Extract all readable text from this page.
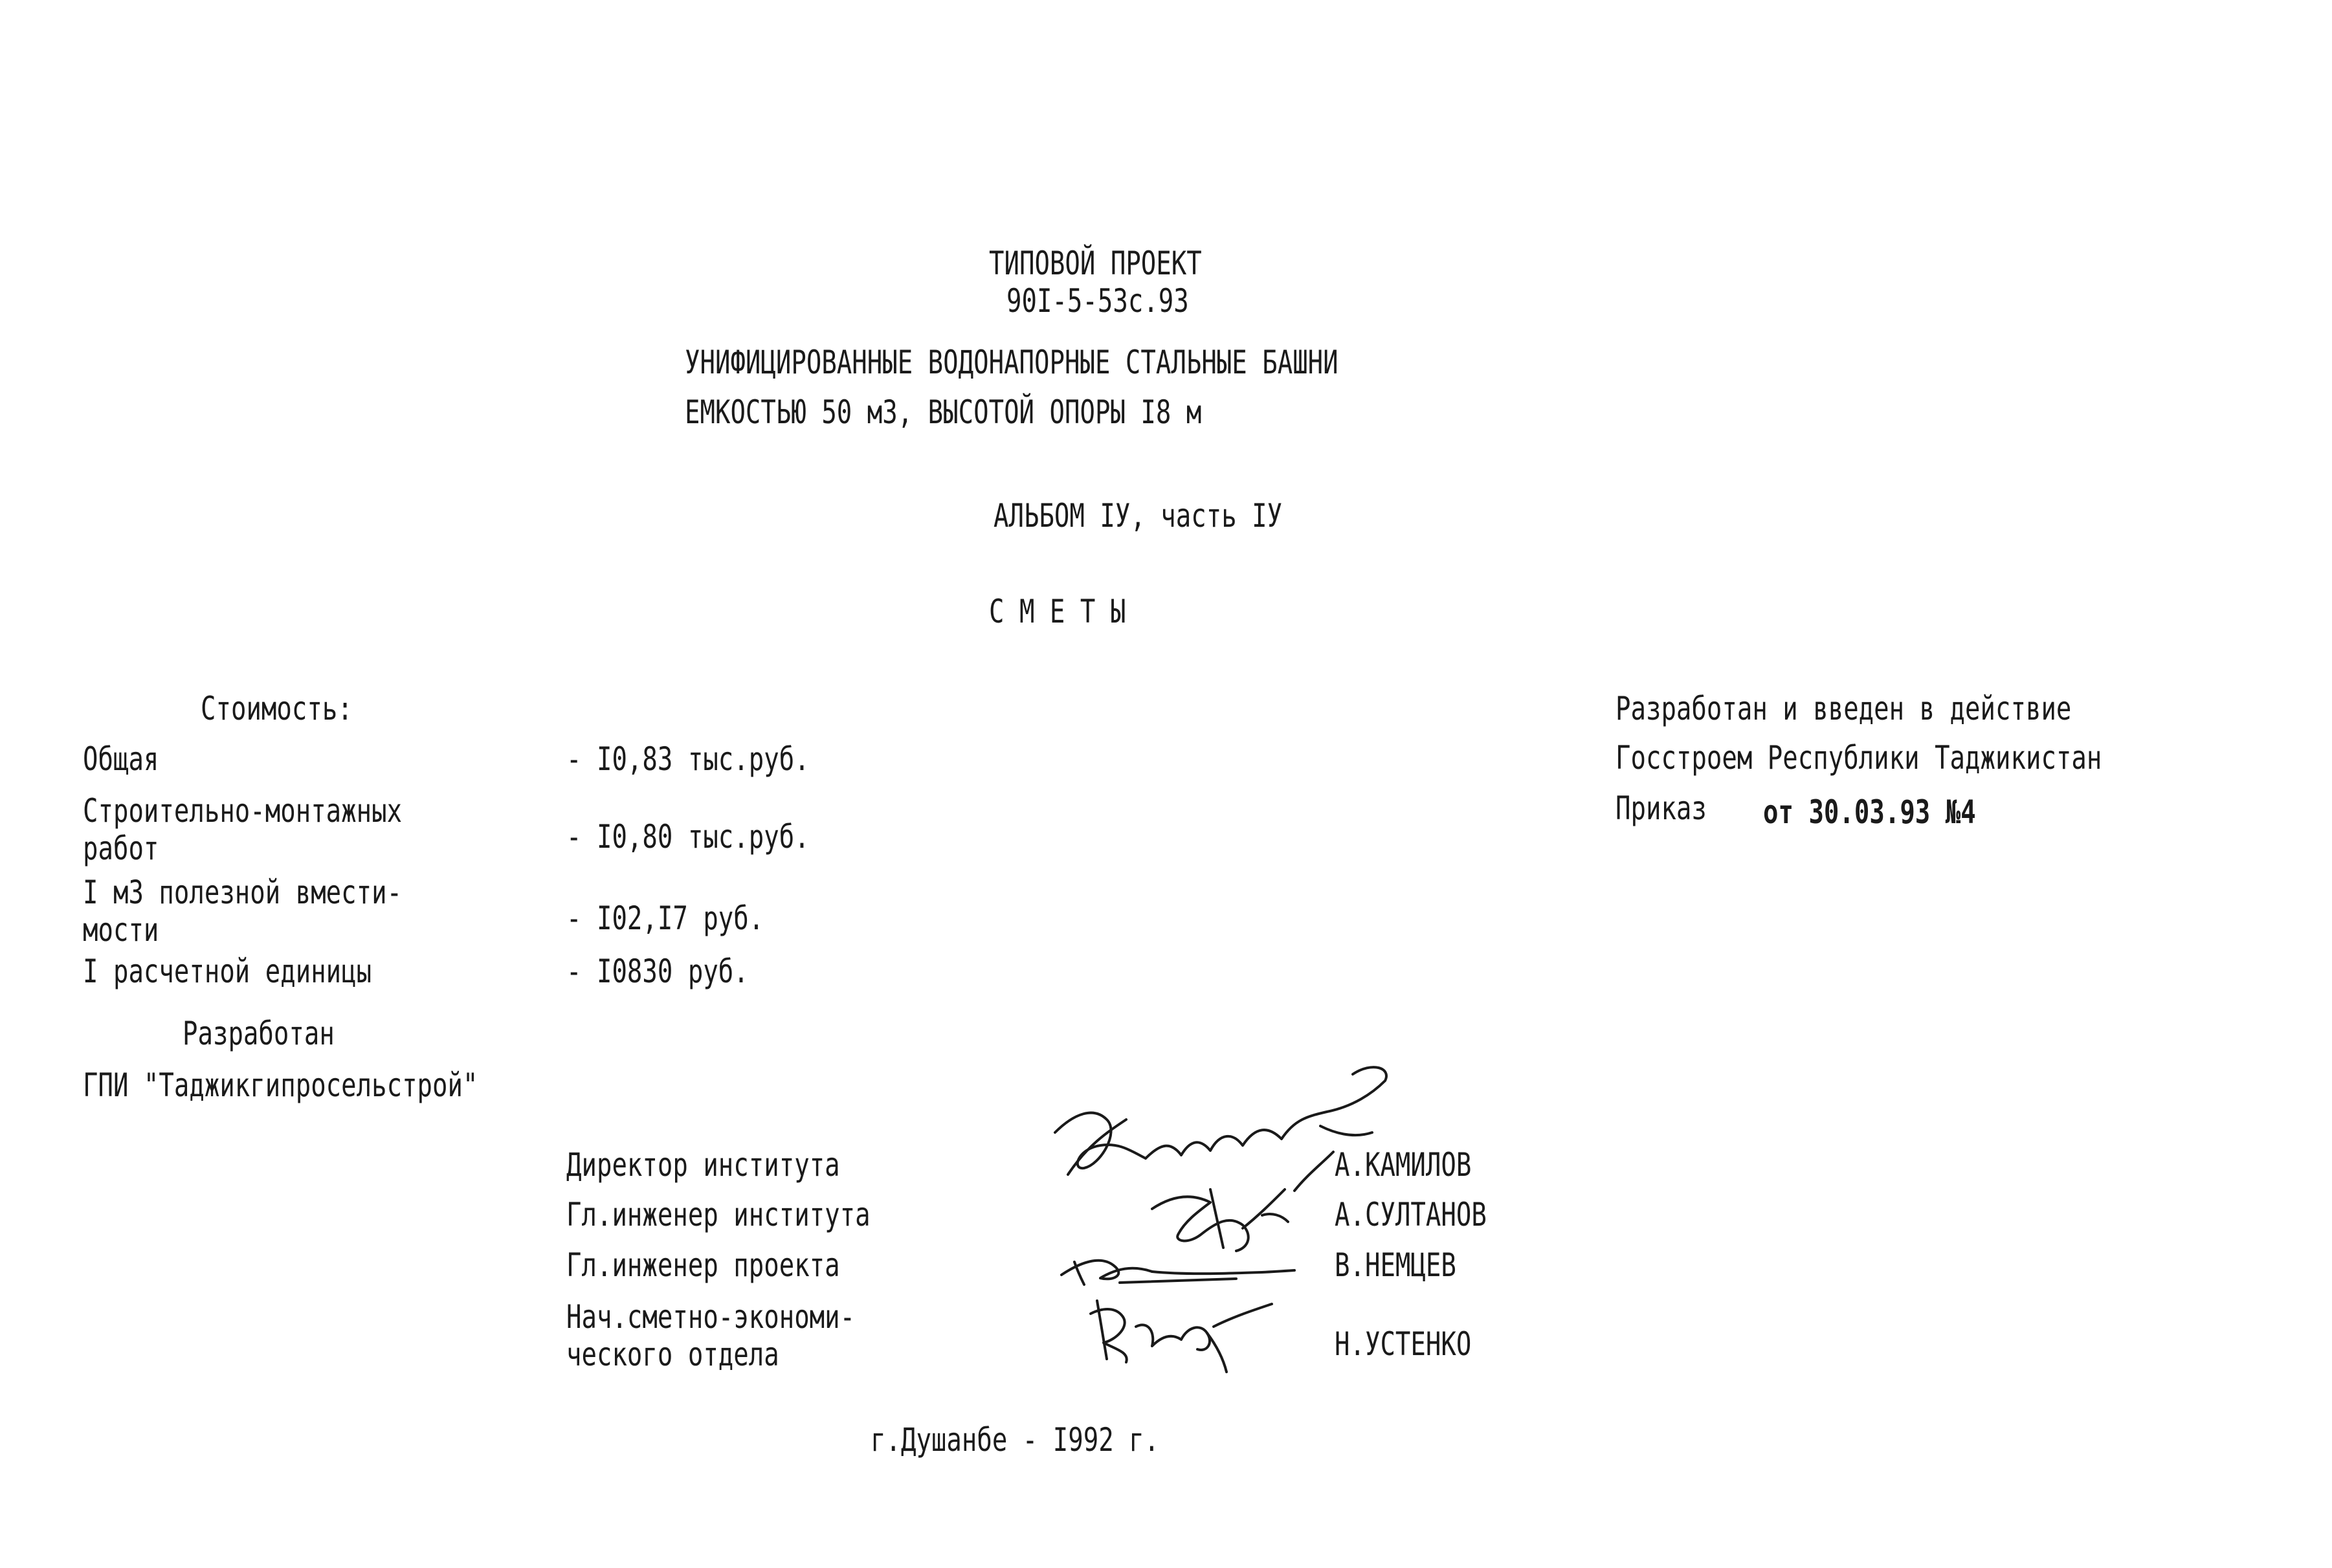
ТИПОВОЙ ПРОЕКТ
90I-5-53с.93
УНИФИЦИРОВАННЫЕ ВОДОНАПОРНЫЕ СТАЛЬНЫЕ БАШНИ
ЕМКОСТЬЮ 50 м3, ВЫСОТОЙ ОПОРЫ I8 м
АЛЬБОМ IУ, часть IУ
С М Е Т Ы
Стоимость:
Общая	- I0,83 тыс.руб.
Строительно-монтажных
работ	- I0,80 тыс.руб.
I м3 полезной вмести-
мости	- I02,I7 руб.
I расчетной единицы	- I0830 руб.
Разработан и введен в действие
Госстроем Республики Таджикистан
Приказ	от 30.03.93 №4
Разработан
ГПИ "Таджикгипросельстрой"
Директор института	А.КАМИЛОВ
Гл.инженер института	А.СУЛТАНОВ
Гл.инженер проекта	В.НЕМЦЕВ
Нач.сметно-экономи-
ческого отдела	Н.УСТЕНКО
г.Душанбе - I992 г.
